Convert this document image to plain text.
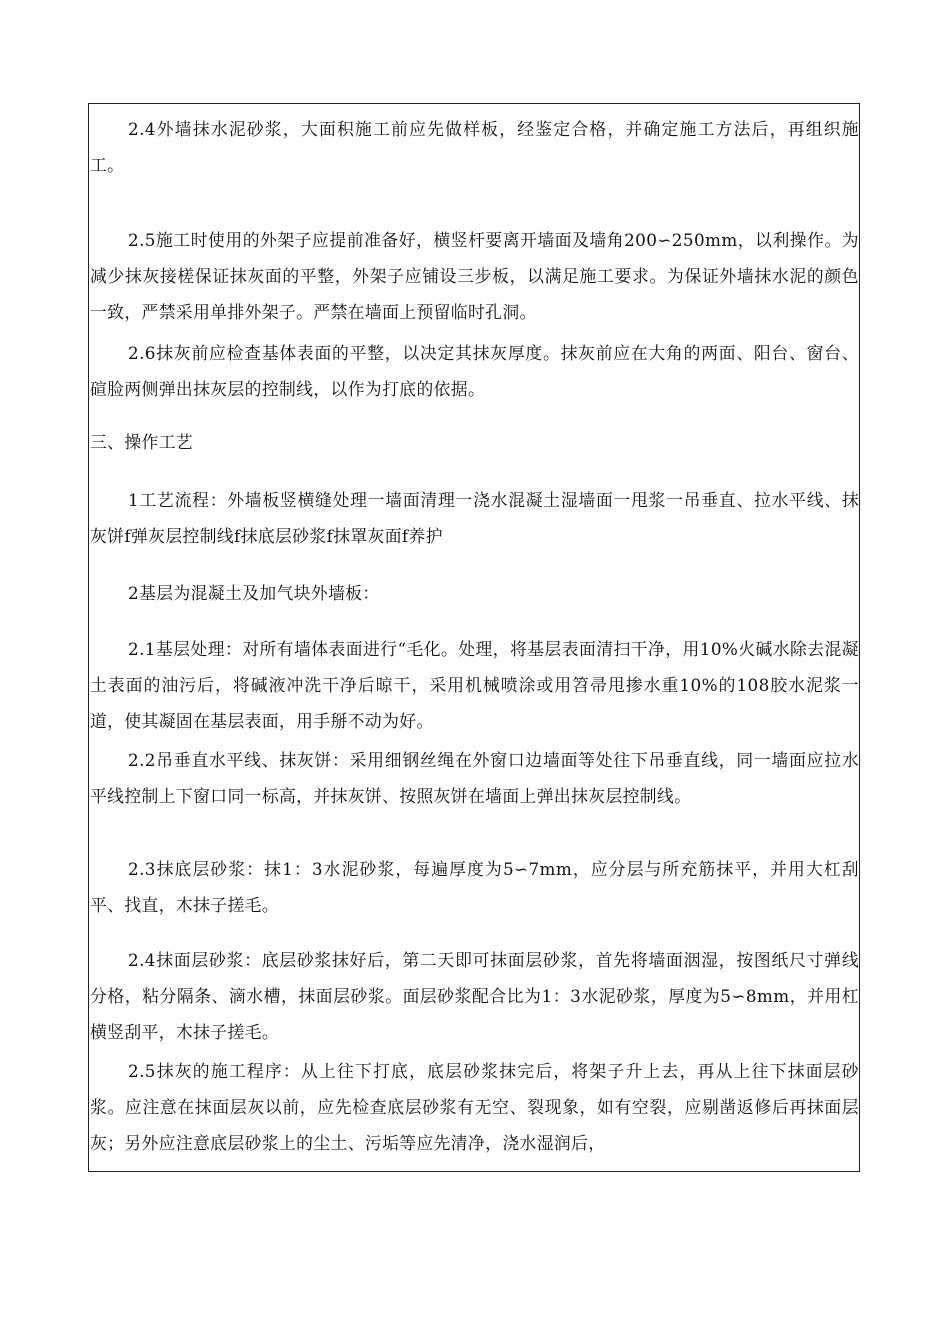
2.4外墙抹水泥砂浆，大面积施工前应先做样板，经鉴定合格，并确定施工方法后，再组织施工。

2.5施工时使用的外架子应提前准备好，横竖杆要离开墙面及墙角200∽250mm，以利操作。为减少抹灰接槎保证抹灰面的平整，外架子应铺设三步板，以满足施工要求。为保证外墙抹水泥的颜色一致，严禁采用单排外架子。严禁在墙面上预留临时孔洞。

2.6抹灰前应检查基体表面的平整，以决定其抹灰厚度。抹灰前应在大角的两面、阳台、窗台、碹脸两侧弹出抹灰层的控制线，以作为打底的依据。

三、操作工艺

1工艺流程：外墙板竖横缝处理一墙面清理一浇水混凝土湿墙面一甩浆一吊垂直、拉水平线、抹灰饼f弹灰层控制线f抹底层砂浆f抹罩灰面f养护

2基层为混凝土及加气块外墙板：

2.1基层处理：对所有墙体表面进行“毛化。处理，将基层表面清扫干净，用10%火碱水除去混凝土表面的油污后，将碱液冲洗干净后晾干，采用机械喷涂或用笤帚甩掺水重10%的108胶水泥浆一道，使其凝固在基层表面，用手掰不动为好。

2.2吊垂直水平线、抹灰饼：采用细钢丝绳在外窗口边墙面等处往下吊垂直线，同一墙面应拉水平线控制上下窗口同一标高，并抹灰饼、按照灰饼在墙面上弹出抹灰层控制线。

2.3抹底层砂浆：抹1：3水泥砂浆，每遍厚度为5∽7mm，应分层与所充筋抹平，并用大杠刮平、找直，木抹子搓毛。

2.4抹面层砂浆：底层砂浆抹好后，第二天即可抹面层砂浆，首先将墙面洇湿，按图纸尺寸弹线分格，粘分隔条、滴水槽，抹面层砂浆。面层砂浆配合比为1：3水泥砂浆，厚度为5∽8mm，并用杠横竖刮平，木抹子搓毛。

2.5抹灰的施工程序：从上往下打底，底层砂浆抹完后，将架子升上去，再从上往下抹面层砂浆。应注意在抹面层灰以前，应先检查底层砂浆有无空、裂现象，如有空裂，应剔凿返修后再抹面层灰；另外应注意底层砂浆上的尘土、污垢等应先清净，浇水湿润后，
